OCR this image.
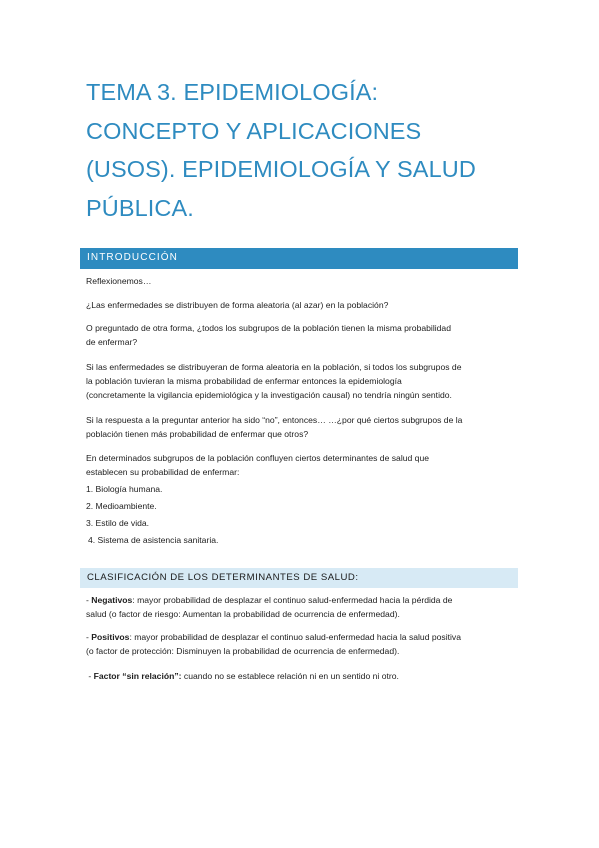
TEMA 3. EPIDEMIOLOGÍA:
CONCEPTO Y APLICACIONES
(USOS). EPIDEMIOLOGÍA Y SALUD
PÚBLICA.
INTRODUCCIÓN
Reflexionemos…
¿Las enfermedades se distribuyen de forma aleatoria (al azar) en la población?
O preguntado de otra forma, ¿todos los subgrupos de la población tienen la misma probabilidad
de enfermar?
Si las enfermedades se distribuyeran de forma aleatoria en la población, si todos los subgrupos de
la población tuvieran la misma probabilidad de enfermar entonces la epidemiología
(concretamente la vigilancia epidemiológica y la investigación causal) no tendría ningún sentido.
Si la respuesta a la preguntar anterior ha sido “no”, entonces… …¿por qué ciertos subgrupos de la
población tienen más probabilidad de enfermar que otros?
En determinados subgrupos de la población confluyen ciertos determinantes de salud que
establecen su probabilidad de enfermar:
1. Biología humana.
2. Medioambiente.
3. Estilo de vida.
4. Sistema de asistencia sanitaria.
CLASIFICACIÓN DE LOS DETERMINANTES DE SALUD:
- Negativos: mayor probabilidad de desplazar el continuo salud-enfermedad hacia la pérdida de
salud (o factor de riesgo: Aumentan la probabilidad de ocurrencia de enfermedad).
- Positivos: mayor probabilidad de desplazar el continuo salud-enfermedad hacia la salud positiva
(o factor de protección: Disminuyen la probabilidad de ocurrencia de enfermedad).
- Factor “sin relación”: cuando no se establece relación ni en un sentido ni otro.
